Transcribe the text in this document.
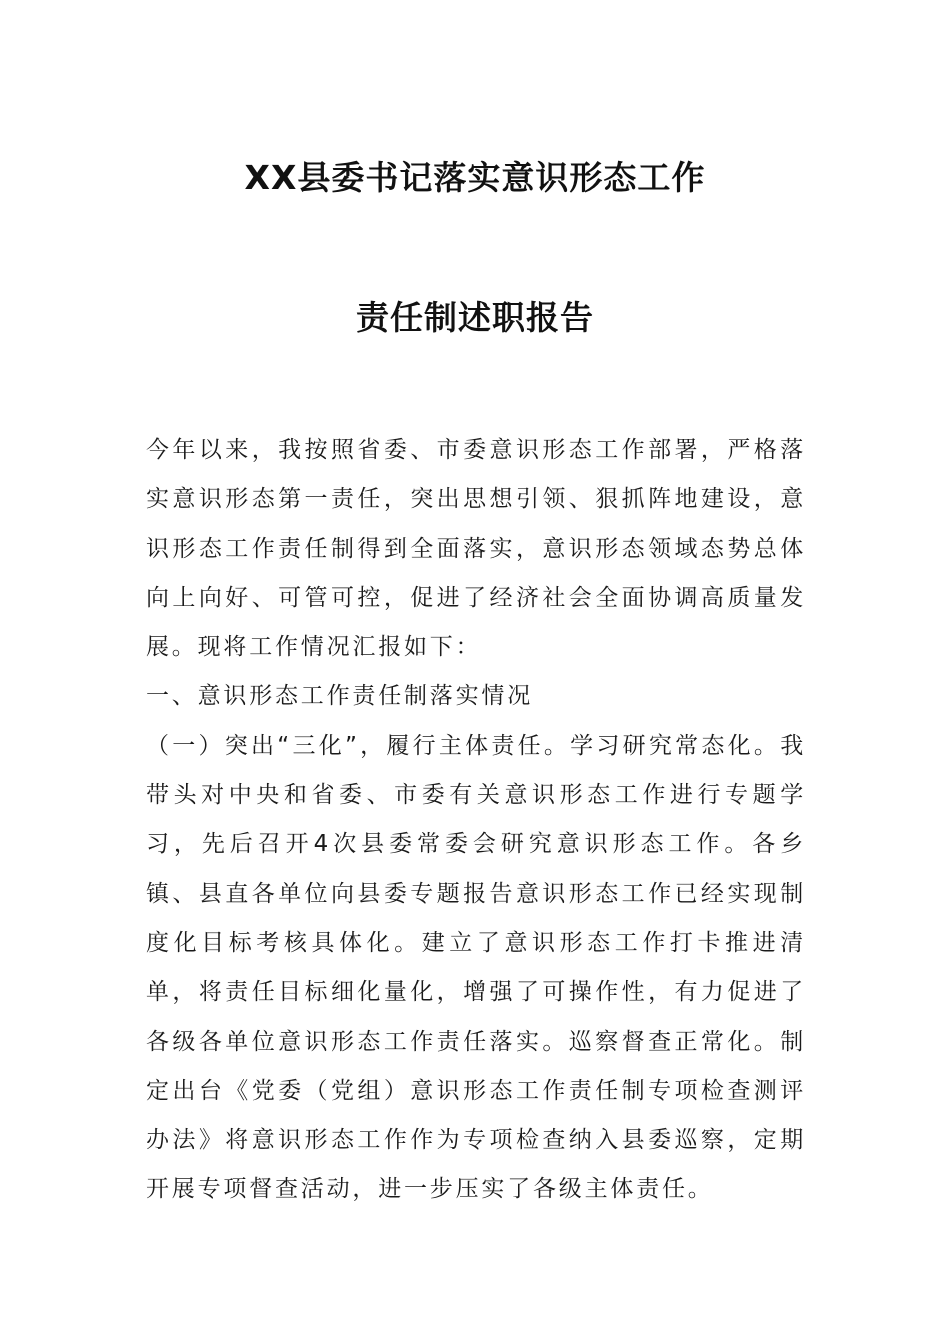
XX县委书记落实意识形态工作
责任制述职报告

今年以来，我按照省委、市委意识形态工作部署，严格落实意识形态第一责任，突出思想引领、狠抓阵地建设，意识形态工作责任制得到全面落实，意识形态领域态势总体向上向好、可管可控，促进了经济社会全面协调高质量发展。现将工作情况汇报如下：

一、意识形态工作责任制落实情况

（一）突出“三化”，履行主体责任。学习研究常态化。我带头对中央和省委、市委有关意识形态工作进行专题学习，先后召开4次县委常委会研究意识形态工作。各乡镇、县直各单位向县委专题报告意识形态工作已经实现制度化目标考核具体化。建立了意识形态工作打卡推进清单，将责任目标细化量化，增强了可操作性，有力促进了各级各单位意识形态工作责任落实。巡察督查正常化。制定出台《党委（党组）意识形态工作责任制专项检查测评办法》将意识形态工作作为专项检查纳入县委巡察，定期开展专项督查活动，进一步压实了各级主体责任。
